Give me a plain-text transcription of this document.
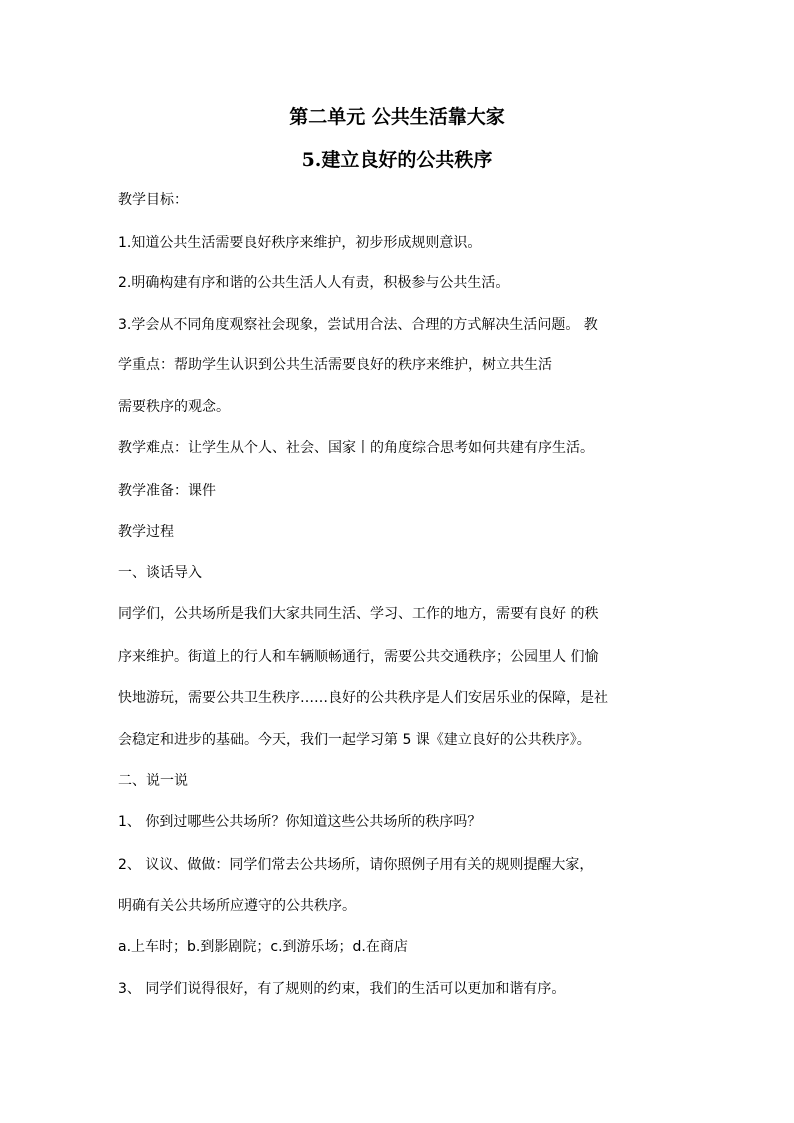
第二单元 公共生活靠大家
5.建立良好的公共秩序
教学目标：
1.知道公共生活需要良好秩序来维护，初步形成规则意识。
2.明确构建有序和谐的公共生活人人有责，积极参与公共生活。
3.学会从不同角度观察社会现象，尝试用合法、合理的方式解决生活问题。 教
学重点：帮助学生认识到公共生活需要良好的秩序来维护，树立共生活
需要秩序的观念。
教学难点：让学生从个人、社会、国家丨的角度综合思考如何共建有序生活。
教学准备：课件
教学过程
一、谈话导入
同学们，公共场所是我们大家共同生活、学习、工作的地方，需要有良好 的秩
序来维护。街道上的行人和车辆顺畅通行，需要公共交通秩序；公园里人 们愉
快地游玩，需要公共卫生秩序……良好的公共秩序是人们安居乐业的保障，是社
会稳定和进步的基础。今天，我们一起学习第 5 课《建立良好的公共秩序》。
二、说一说
1、 你到过哪些公共场所？你知道这些公共场所的秩序吗？
2、 议议、做做：同学们常去公共场所，请你照例子用有关的规则提醒大家，
明确有关公共场所应遵守的公共秩序。
a.上车时；b.到影剧院；c.到游乐场；d.在商店
3、 同学们说得很好，有了规则的约束，我们的生活可以更加和谐有序。
